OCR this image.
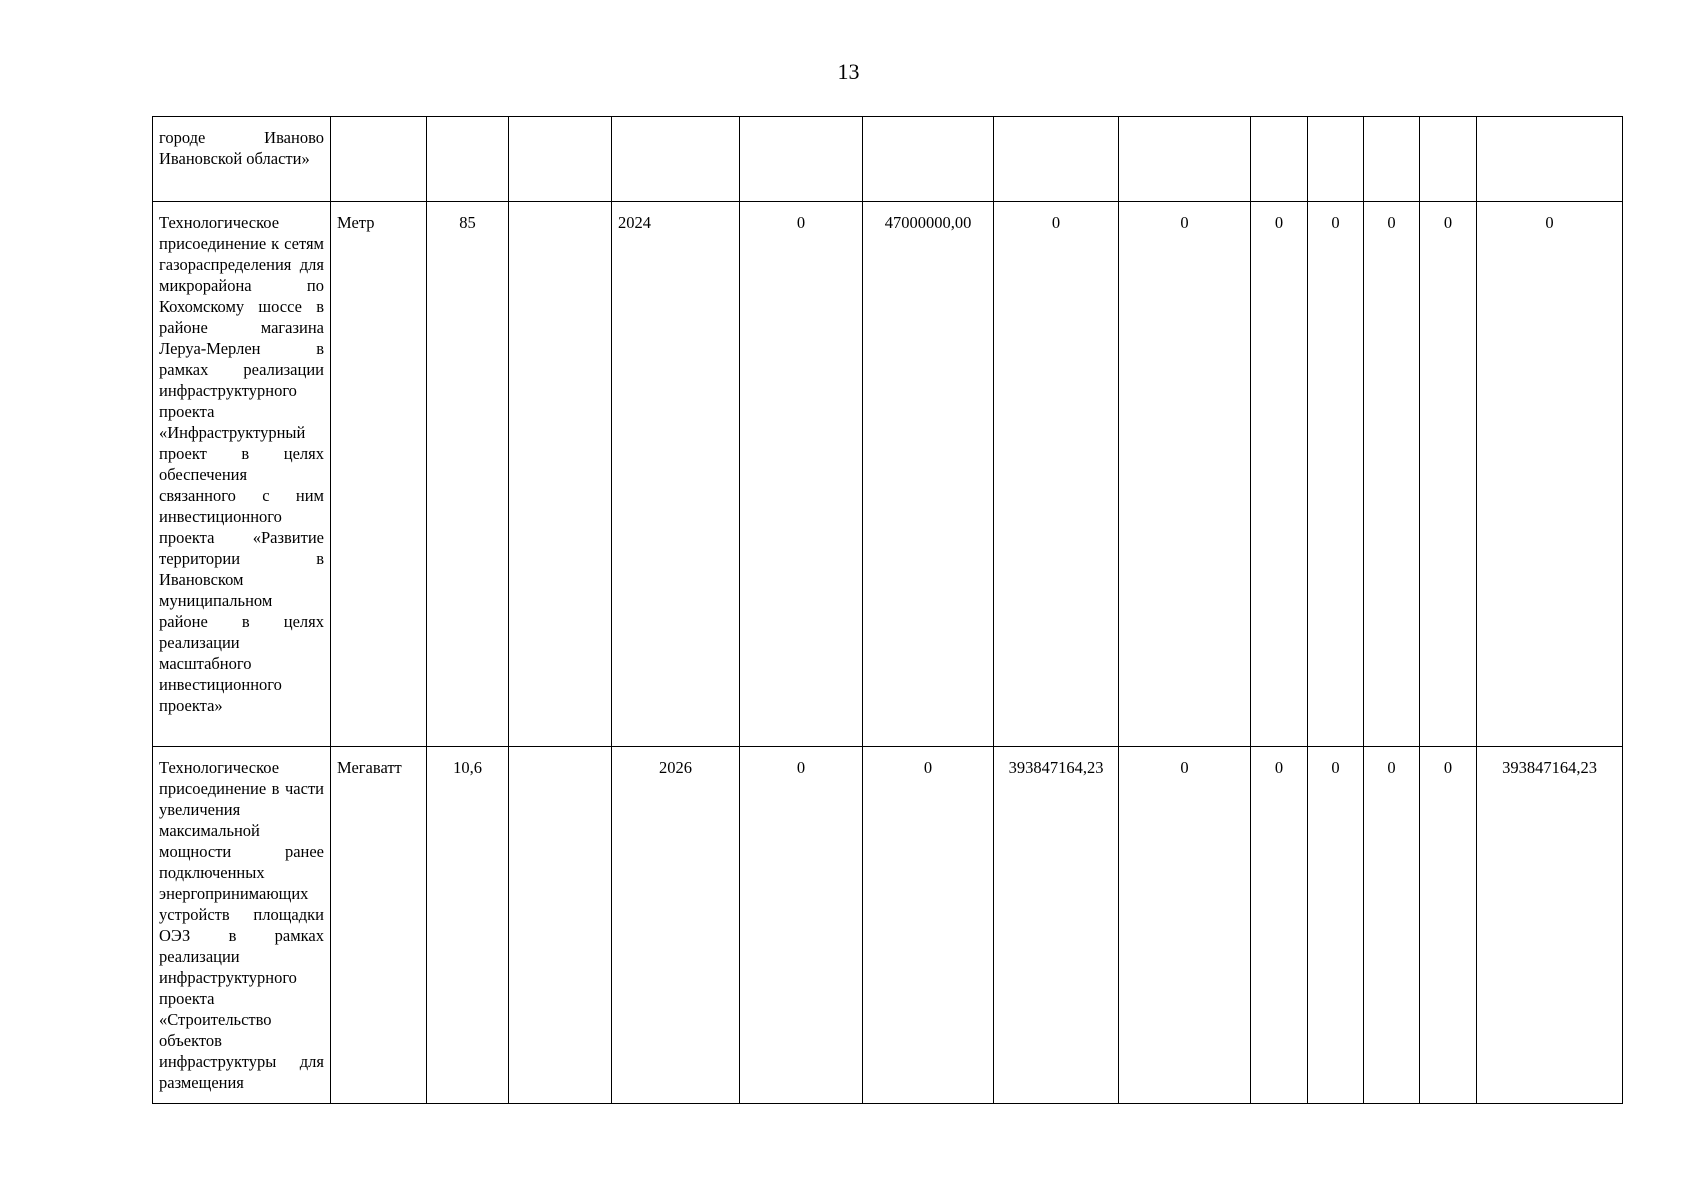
13
городе Иваново Ивановской области»													
Технологическое присоединение к сетям газораспределения для микрорайона по Кохомскому шоссе в районе магазина Леруа-Мерлен в рамках реализации инфраструктурного проекта «Инфраструктурный проект в целях обеспечения связанного с ним инвестиционного проекта «Развитие территории в Ивановском муниципальном районе в целях реализации масштабного инвестиционного проекта»	Метр	85		2024	0	47000000,00	0	0	0	0	0	0	0
Технологическое присоединение в части увеличения максимальной мощности ранее подключенных энергопринимающих устройств площадки ОЭЗ в рамках реализации инфраструктурного проекта «Строительство объектов инфраструктуры для размещения	Мегаватт	10,6		2026	0	0	393847164,23	0	0	0	0	0	393847164,23
